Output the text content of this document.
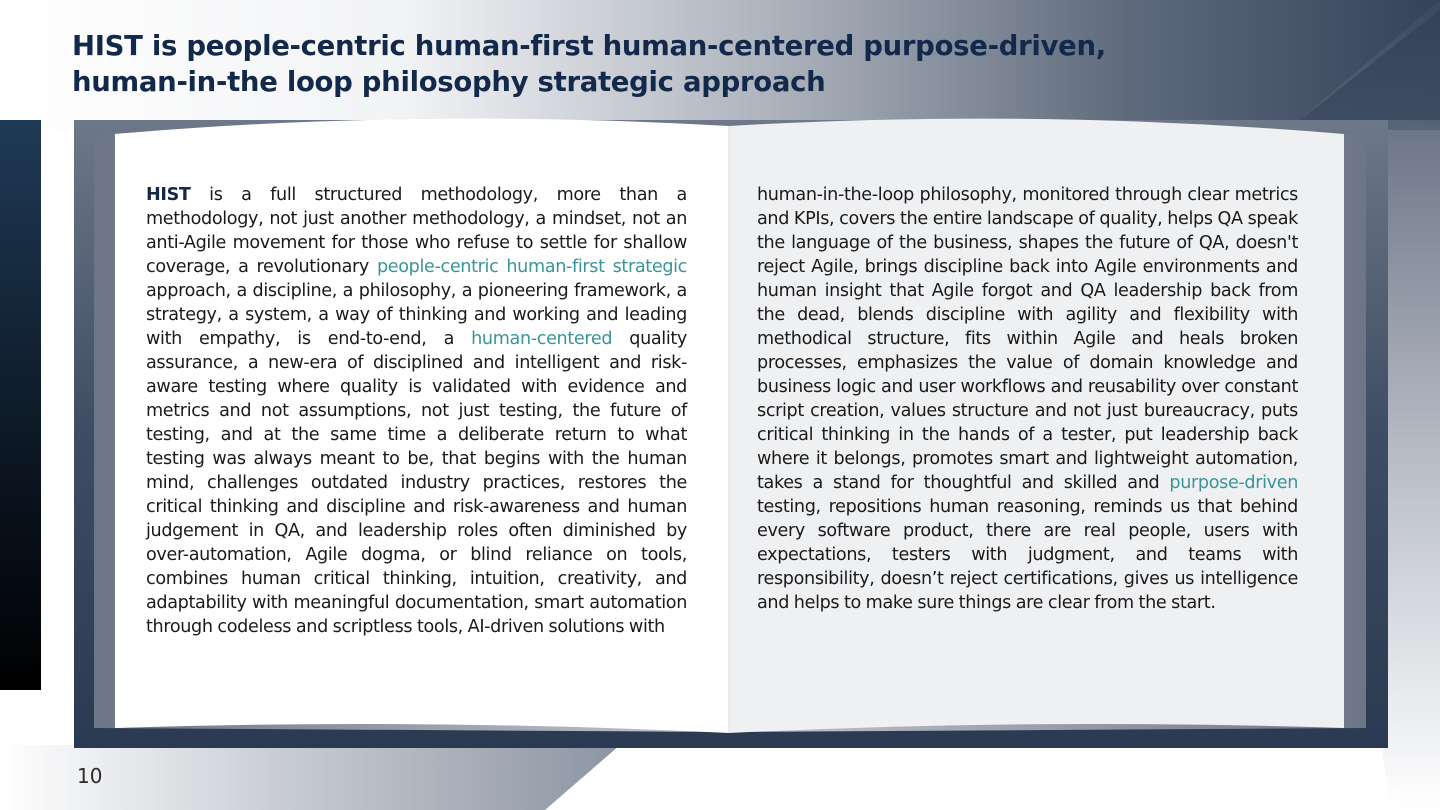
HIST is people-centric human-first human-centered purpose-driven,
human-in-the loop philosophy strategic approach

HIST is a full structured methodology, more than a methodology, not just another methodology, a mindset, not an anti-Agile movement for those who refuse to settle for shallow coverage, a revolutionary people-centric human-first strategic approach, a discipline, a philosophy, a pioneering framework, a strategy, a system, a way of thinking and working and leading with empathy, is end-to-end, a human-centered quality assurance, a new-era of disciplined and intelligent and risk-aware testing where quality is validated with evidence and metrics and not assumptions, not just testing, the future of testing, and at the same time a deliberate return to what testing was always meant to be, that begins with the human mind, challenges outdated industry practices, restores the critical thinking and discipline and risk-awareness and human judgement in QA, and leadership roles often diminished by over-automation, Agile dogma, or blind reliance on tools, combines human critical thinking, intuition, creativity, and adaptability with meaningful documentation, smart automation through codeless and scriptless tools, AI-driven solutions with

human-in-the-loop philosophy, monitored through clear metrics and KPIs, covers the entire landscape of quality, helps QA speak the language of the business, shapes the future of QA, doesn't reject Agile, brings discipline back into Agile environments and human insight that Agile forgot and QA leadership back from the dead, blends discipline with agility and flexibility with methodical structure, fits within Agile and heals broken processes, emphasizes the value of domain knowledge and business logic and user workflows and reusability over constant script creation, values structure and not just bureaucracy, puts critical thinking in the hands of a tester, put leadership back where it belongs, promotes smart and lightweight automation, takes a stand for thoughtful and skilled and purpose-driven testing, repositions human reasoning, reminds us that behind every software product, there are real people, users with expectations, testers with judgment, and teams with responsibility, doesn’t reject certifications, gives us intelligence and helps to make sure things are clear from the start.

10
